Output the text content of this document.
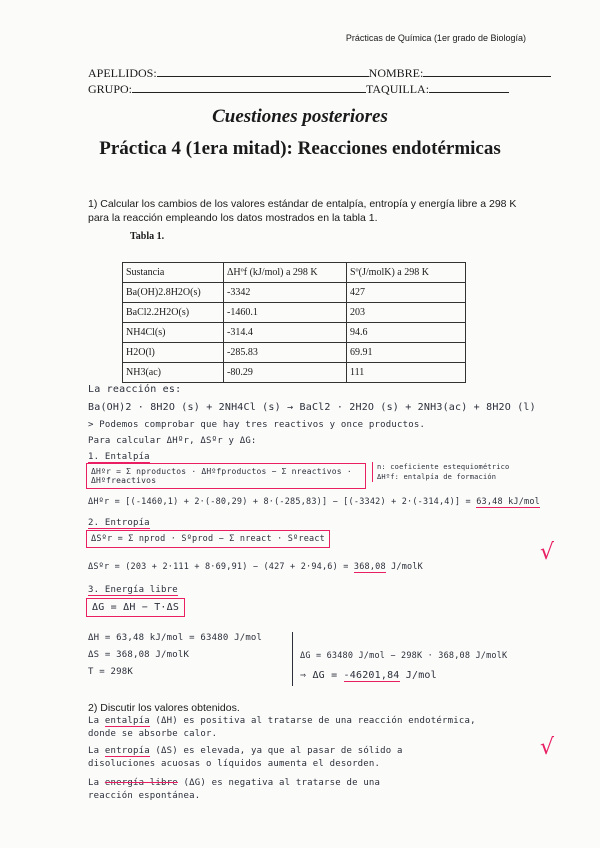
Prácticas de Química (1er grado de Biología)
APELLIDOS:	NOMBRE:
GRUPO:	TAQUILLA:
Cuestiones posteriores
Práctica 4 (1era mitad): Reacciones endotérmicas
1) Calcular los cambios de los valores estándar de entalpía, entropía y energía libre a 298 K
para la reacción empleando los datos mostrados en la tabla 1.
Tabla 1.
Sustancia	ΔHºf (kJ/mol) a 298 K	Sº(J/molK) a 298 K
Ba(OH)2.8H2O(s)	-3342	427
BaCl2.2H2O(s)	-1460.1	203
NH4Cl(s)	-314.4	94.6
H2O(l)	-285.83	69.91
NH3(ac)	-80.29	111
La reacción es:
Ba(OH)2 · 8H2O (s) + 2NH4Cl (s) → BaCl2 · 2H2O (s) + 2NH3(ac) + 8H2O (l)
> Podemos comprobar que hay tres reactivos y once productos.
Para calcular ΔHºr, ΔSºr y ΔG:
1. Entalpía
ΔHºr = Σ nproductos · ΔHºfproductos − Σ nreactivos · ΔHºfreactivos
n: coeficiente estequiométrico
ΔHºf: entalpía de formación
ΔHºr = [(-1460,1) + 2·(-80,29) + 8·(-285,83)] − [(-3342) + 2·(-314,4)] = 63,48 kJ/mol
2. Entropía
ΔSºr = Σ nprod · Sºprod − Σ nreact · Sºreact
ΔSºr = (203 + 2·111 + 8·69,91) − (427 + 2·94,6) = 368,08 J/molK
√
3. Energía libre
ΔG = ΔH − T·ΔS
ΔH = 63,48 kJ/mol = 63480 J/mol
ΔS = 368,08 J/molK
T = 298K
ΔG = 63480 J/mol − 298K · 368,08 J/molK
⇒ ΔG = -46201,84 J/mol
2) Discutir los valores obtenidos.
La entalpía (ΔH) es positiva al tratarse de una reacción endotérmica,
donde se absorbe calor.
La entropía (ΔS) es elevada, ya que al pasar de sólido a
disoluciones acuosas o líquidos aumenta el desorden.
√
La energía libre (ΔG) es negativa al tratarse de una
reacción espontánea.
